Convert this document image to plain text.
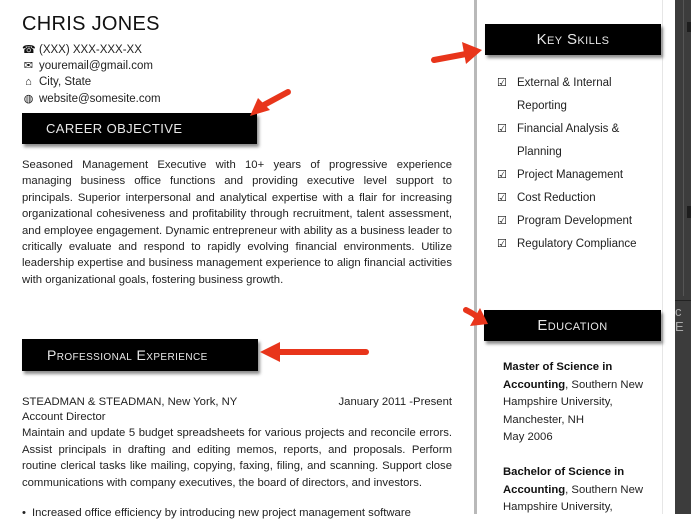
CHRIS JONES
☎ (XXX) XXX-XXX-XX
✉ youremail@gmail.com
⌂ City, State
◍ website@somesite.com
CAREER OBJECTIVE
Seasoned Management Executive with 10+ years of progressive experience managing business office functions and providing executive level support to principals. Superior interpersonal and analytical expertise with a flair for increasing organizational cohesiveness and profitability through recruitment, talent assessment, and employee engagement. Dynamic entrepreneur with ability as a business leader to critically evaluate and respond to rapidly evolving financial environments. Utilize leadership expertise and business management experience to align financial activities with organizational goals, fostering business growth.
Professional Experience
STEADMAN & STEADMAN, New York, NY	January 2011 -Present
Account Director
Maintain and update 5 budget spreadsheets for various projects and reconcile errors. Assist principals in drafting and editing memos, reports, and proposals. Perform routine clerical tasks like mailing, copying, faxing, filing, and scanning. Support close communications with company executives, the board of directors, and investors.
• Increased office efficiency by introducing new project management software
Key Skills
☑ External & Internal Reporting
☑ Financial Analysis & Planning
☑ Project Management
☑ Cost Reduction
☑ Program Development
☑ Regulatory Compliance
Education
Master of Science in Accounting, Southern New Hampshire University, Manchester, NH
May 2006
Bachelor of Science in Accounting, Southern New Hampshire University,
c E
